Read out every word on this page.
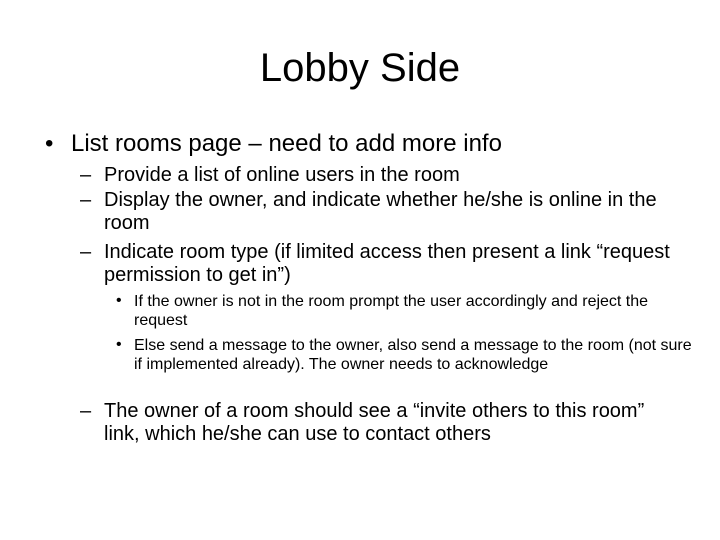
Lobby Side
• List rooms page – need to add more info
– Provide a list of online users in the room
– Display the owner, and indicate whether he/she is online in the room
– Indicate room type (if limited access then present a link “request permission to get in”)
• If the owner is not in the room prompt the user accordingly and reject the request
• Else send a message to the owner, also send a message to the room (not sure if implemented already). The owner needs to acknowledge
– The owner of a room should see a “invite others to this room” link, which he/she can use to contact others
